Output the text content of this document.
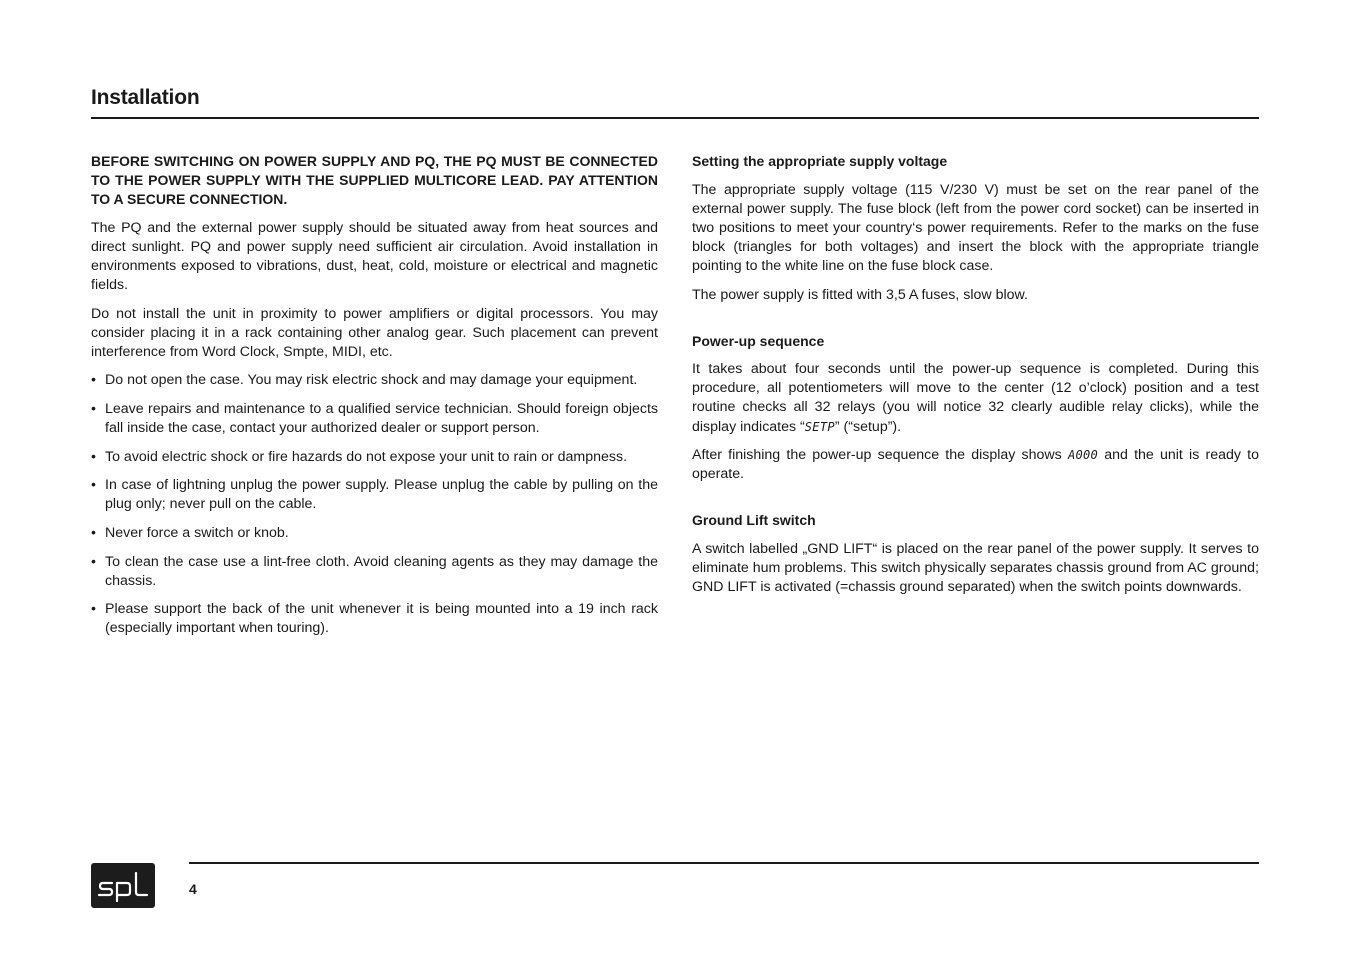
Installation

BEFORE SWITCHING ON POWER SUPPLY AND PQ, THE PQ MUST BE CONNECTED TO THE POWER SUPPLY WITH THE SUPPLIED MULTICORE LEAD. PAY ATTENTION TO A SECURE CONNECTION.

The PQ and the external power supply should be situated away from heat sources and direct sunlight. PQ and power supply need sufficient air circulation. Avoid installation in environments exposed to vibrations, dust, heat, cold, moisture or electrical and magnetic fields.

Do not install the unit in proximity to power amplifiers or digital processors. You may consider placing it in a rack containing other analog gear. Such placement can prevent interference from Word Clock, Smpte, MIDI, etc.

• Do not open the case. You may risk electric shock and may damage your equipment.
• Leave repairs and maintenance to a qualified service technician. Should foreign objects fall inside the case, contact your authorized dealer or support person.
• To avoid electric shock or fire hazards do not expose your unit to rain or dampness.
• In case of lightning unplug the power supply. Please unplug the cable by pulling on the plug only; never pull on the cable.
• Never force a switch or knob.
• To clean the case use a lint-free cloth. Avoid cleaning agents as they may damage the chassis.
• Please support the back of the unit whenever it is being mounted into a 19 inch rack (especially important when touring).

Setting the appropriate supply voltage

The appropriate supply voltage (115 V/230 V) must be set on the rear panel of the external power supply. The fuse block (left from the power cord socket) can be inserted in two positions to meet your country‘s power requirements. Refer to the marks on the fuse block (triangles for both voltages) and insert the block with the appropriate triangle pointing to the white line on the fuse block case.

The power supply is fitted with 3,5 A fuses, slow blow.

Power-up sequence

It takes about four seconds until the power-up sequence is completed. During this procedure, all potentiometers will move to the center (12 o’clock) position and a test routine checks all 32 relays (you will notice 32 clearly audible relay clicks), while the display indicates “SETP” (“setup”).

After finishing the power-up sequence the display shows A000 and the unit is ready to operate.

Ground Lift switch

A switch labelled „GND LIFT“ is placed on the rear panel of the power supply. It serves to eliminate hum problems. This switch physically separates chassis ground from AC ground; GND LIFT is activated (=chassis ground separated) when the switch points downwards.

4
